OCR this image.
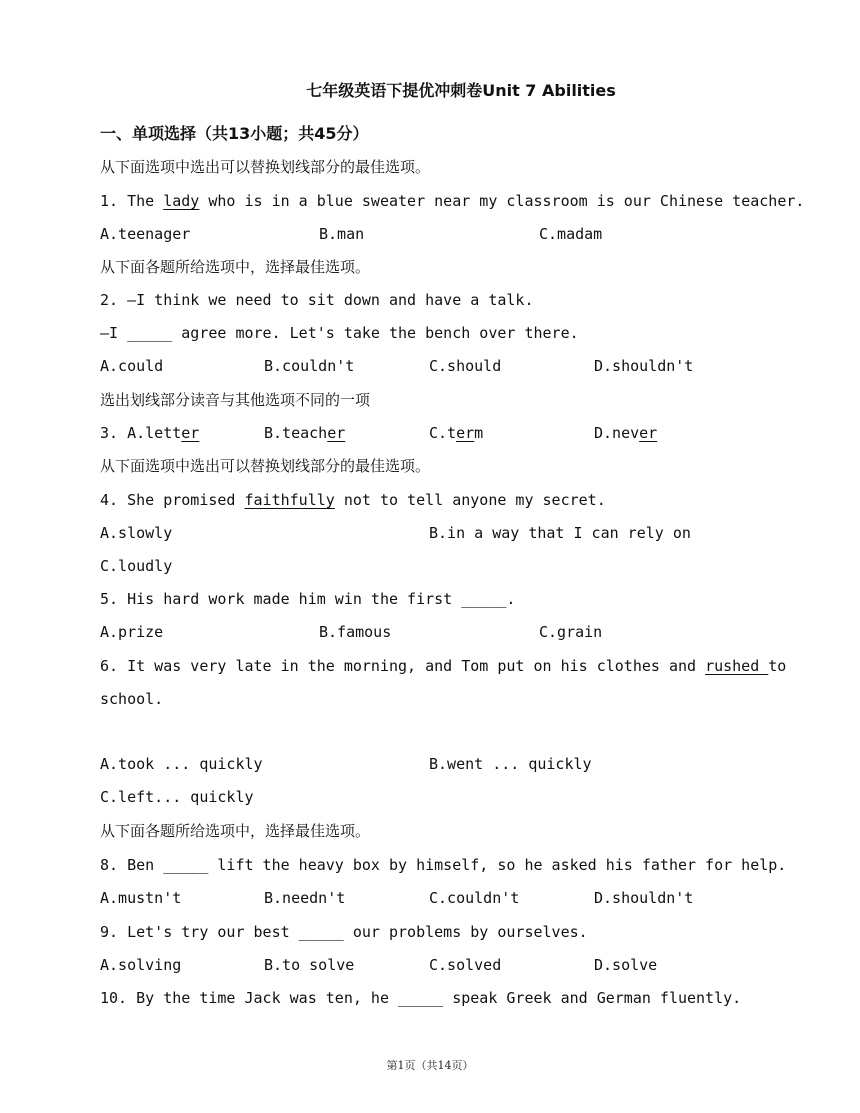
七年级英语下提优冲刺卷Unit 7 Abilities
一、单项选择（共13小题；共45分）
从下面选项中选出可以替换划线部分的最佳选项。
1. The lady who is in a blue sweater near my classroom is our Chinese teacher.
A.teenager	B.man	C.madam
从下面各题所给选项中，选择最佳选项。
2. —I think we need to sit down and have a talk.
—I _____ agree more. Let's take the bench over there.
A.could	B.couldn't	C.should	D.shouldn't
选出划线部分读音与其他选项不同的一项
3. A.letter	B.teacher	C.term	D.never
从下面选项中选出可以替换划线部分的最佳选项。
4. She promised faithfully not to tell anyone my secret.
A.slowly	B.in a way that I can rely on
C.loudly
5. His hard work made him win the first _____.
A.prize	B.famous	C.grain
6. It was very late in the morning, and Tom put on his clothes and rushed to
school.
A.took ... quickly	B.went ... quickly
C.left... quickly
从下面各题所给选项中，选择最佳选项。
8. Ben _____ lift the heavy box by himself, so he asked his father for help.
A.mustn't	B.needn't	C.couldn't	D.shouldn't
9. Let's try our best _____ our problems by ourselves.
A.solving	B.to solve	C.solved	D.solve
10. By the time Jack was ten, he _____ speak Greek and German fluently.
第1页（共14页）
